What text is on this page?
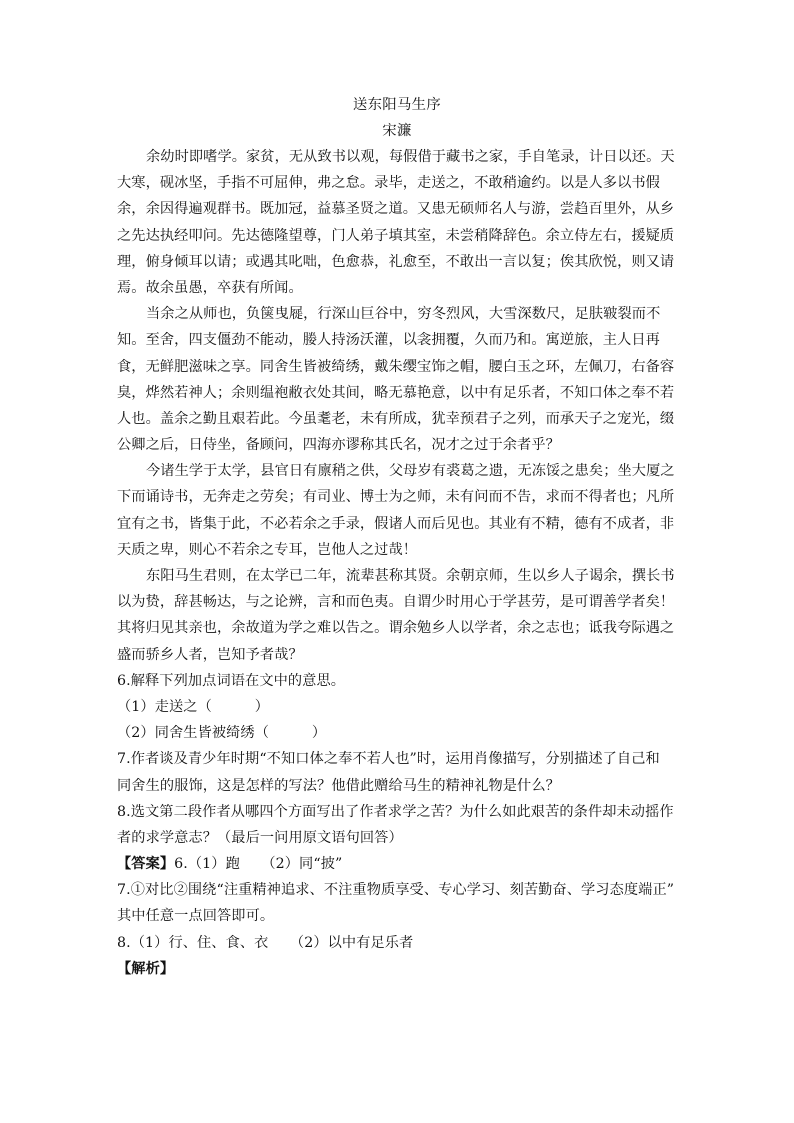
送东阳马生序
宋濂
余幼时即嗜学。家贫，无从致书以观，每假借于藏书之家，手自笔录，计日以还。天
大寒，砚冰坚，手指不可屈伸，弗之怠。录毕，走送之，不敢稍逾约。以是人多以书假
余，余因得遍观群书。既加冠，益慕圣贤之道。又患无硕师名人与游，尝趋百里外，从乡
之先达执经叩问。先达德隆望尊，门人弟子填其室，未尝稍降辞色。余立侍左右，援疑质
理，俯身倾耳以请；或遇其叱咄，色愈恭，礼愈至，不敢出一言以复；俟其欣悦，则又请
焉。故余虽愚，卒获有所闻。
当余之从师也，负箧曳屣，行深山巨谷中，穷冬烈风，大雪深数尺，足肤皲裂而不
知。至舍，四支僵劲不能动，媵人持汤沃灌，以衾拥覆，久而乃和。寓逆旅，主人日再
食，无鲜肥滋味之享。同舍生皆被绮绣，戴朱缨宝饰之帽，腰白玉之环，左佩刀，右备容
臭，烨然若神人；余则缊袍敝衣处其间，略无慕艳意，以中有足乐者，不知口体之奉不若
人也。盖余之勤且艰若此。今虽耄老，未有所成，犹幸预君子之列，而承天子之宠光，缀
公卿之后，日侍坐，备顾问，四海亦谬称其氏名，况才之过于余者乎？
今诸生学于太学，县官日有廪稍之供，父母岁有裘葛之遗，无冻馁之患矣；坐大厦之
下而诵诗书，无奔走之劳矣；有司业、博士为之师，未有问而不告，求而不得者也；凡所
宜有之书，皆集于此，不必若余之手录，假诸人而后见也。其业有不精，德有不成者，非
天质之卑，则心不若余之专耳，岂他人之过哉！
东阳马生君则，在太学已二年，流辈甚称其贤。余朝京师，生以乡人子谒余，撰长书
以为贽，辞甚畅达，与之论辨，言和而色夷。自谓少时用心于学甚劳，是可谓善学者矣！
其将归见其亲也，余故道为学之难以告之。谓余勉乡人以学者，余之志也；诋我夸际遇之
盛而骄乡人者，岂知予者哉？
6.解释下列加点词语在文中的意思。
（1）走送之（　　　）
（2）同舍生皆被绮绣（　　　）
7.作者谈及青少年时期“不知口体之奉不若人也”时，运用肖像描写，分别描述了自己和
同舍生的服饰，这是怎样的写法？他借此赠给马生的精神礼物是什么？
8.选文第二段作者从哪四个方面写出了作者求学之苦？为什么如此艰苦的条件却未动摇作
者的求学意志？（最后一问用原文语句回答）
【答案】6.（1）跑　　（2）同“披”
7.①对比②围绕“注重精神追求、不注重物质享受、专心学习、刻苦勤奋、学习态度端正”
其中任意一点回答即可。
8.（1）行、住、食、衣　　（2）以中有足乐者
【解析】
